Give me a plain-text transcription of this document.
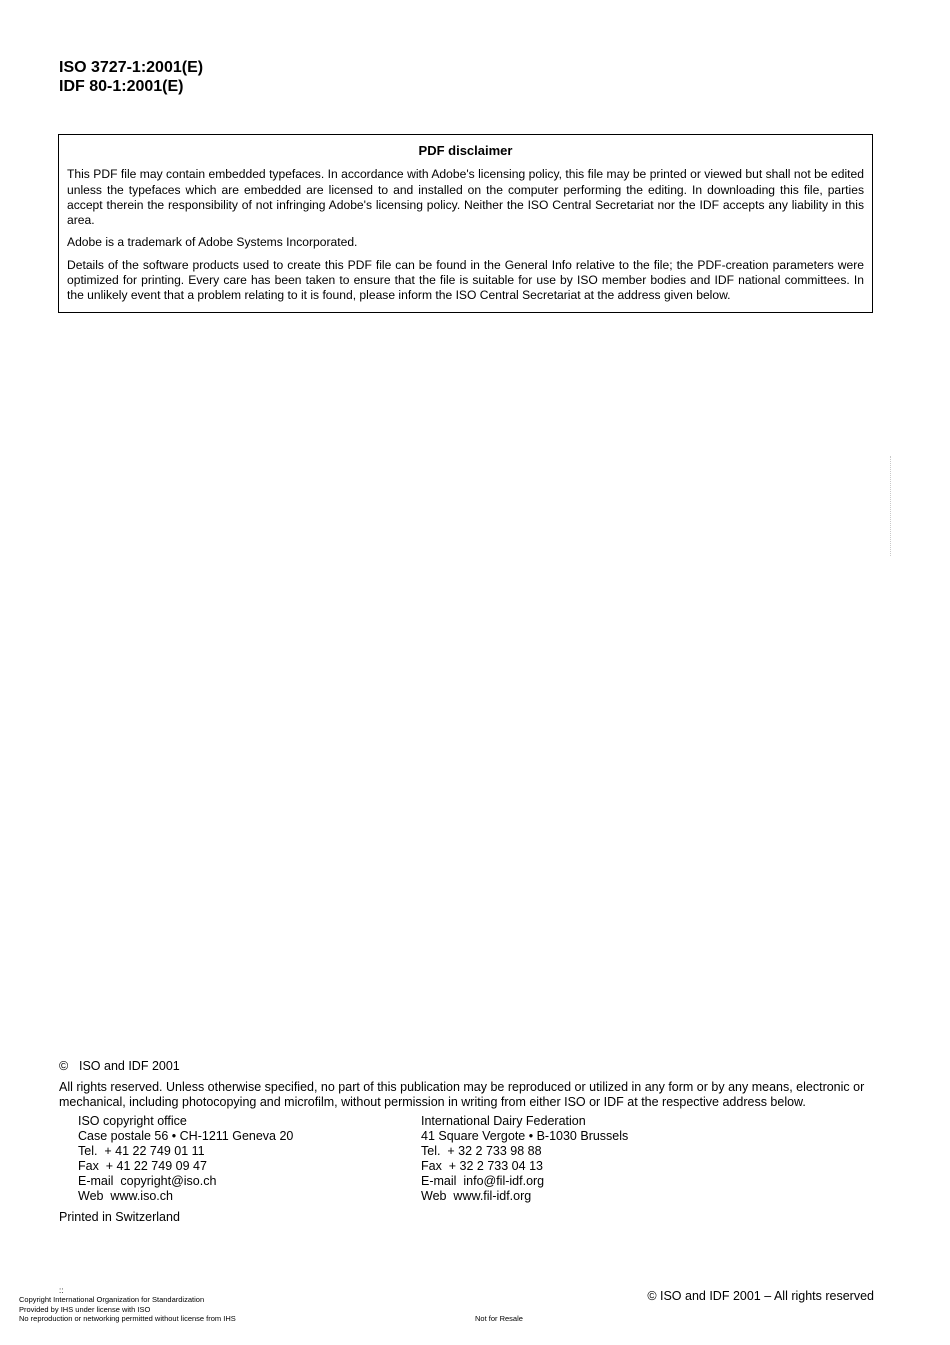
ISO 3727-1:2001(E)
IDF 80-1:2001(E)
PDF disclaimer

This PDF file may contain embedded typefaces. In accordance with Adobe's licensing policy, this file may be printed or viewed but shall not be edited unless the typefaces which are embedded are licensed to and installed on the computer performing the editing. In downloading this file, parties accept therein the responsibility of not infringing Adobe's licensing policy. Neither the ISO Central Secretariat nor the IDF accepts any liability in this area.

Adobe is a trademark of Adobe Systems Incorporated.

Details of the software products used to create this PDF file can be found in the General Info relative to the file; the PDF-creation parameters were optimized for printing. Every care has been taken to ensure that the file is suitable for use by ISO member bodies and IDF national committees. In the unlikely event that a problem relating to it is found, please inform the ISO Central Secretariat at the address given below.

© ISO and IDF 2001
All rights reserved. Unless otherwise specified, no part of this publication may be reproduced or utilized in any form or by any means, electronic or mechanical, including photocopying and microfilm, without permission in writing from either ISO or IDF at the respective address below.
ISO copyright office
Case postale 56 • CH-1211 Geneva 20
Tel.  + 41 22 749 01 11
Fax  + 41 22 749 09 47
E-mail  copyright@iso.ch
Web  www.iso.ch
International Dairy Federation
41 Square Vergote • B-1030 Brussels
Tel.  + 32 2 733 98 88
Fax  + 32 2 733 04 13
E-mail  info@fil-idf.org
Web  www.fil-idf.org
Printed in Switzerland
::
Copyright International Organization for Standardization
Provided by IHS under license with ISO
No reproduction or networking permitted without license from IHS	Not for Resale
© ISO and IDF 2001 – All rights reserved
